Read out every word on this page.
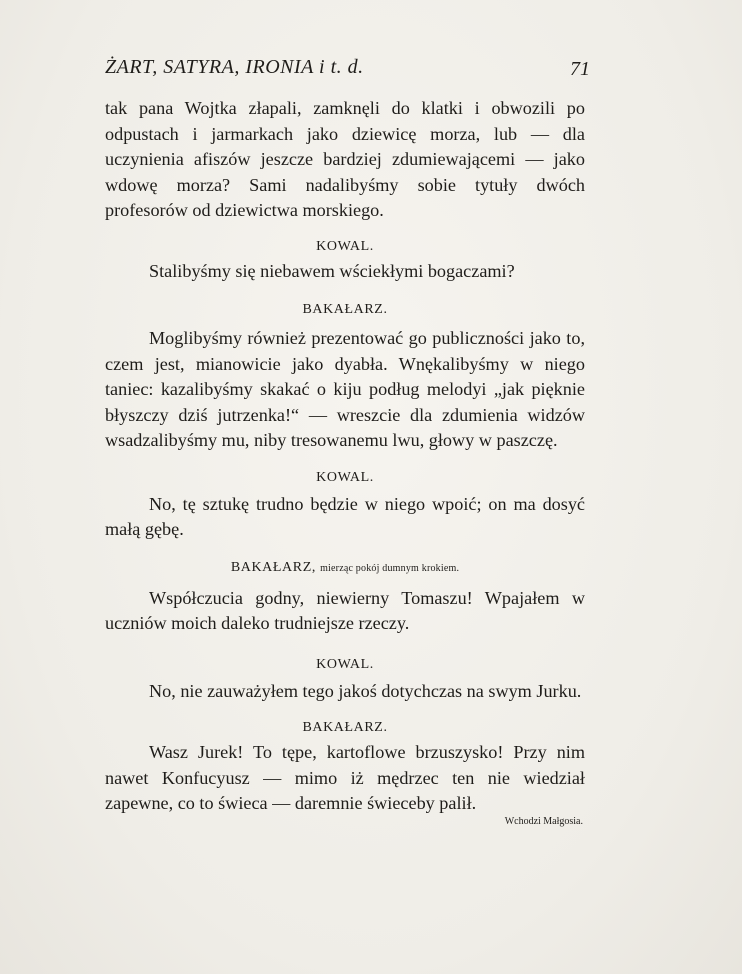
ŻART, SATYRA, IRONIA i t. d.	71

tak pana Wojtka złapali, zamknęli do klatki i obwozili po odpustach i jarmarkach jako dziewicę morza, lub — dla uczynienia afiszów jeszcze bardziej zdumiewającemi — jako wdowę morza? Sami nadalibyśmy sobie tytuły dwóch profesorów od dziewictwa morskiego.

KOWAL.

Stalibyśmy się niebawem wściekłymi bogaczami?

BAKAŁARZ.

Moglibyśmy również prezentować go publiczności jako to, czem jest, mianowicie jako dyabła. Wnękalibyśmy w niego taniec: kazalibyśmy skakać o kiju podług melodyi „jak pięknie błyszczy dziś jutrzenka!“ — wreszcie dla zdumienia widzów wsadzalibyśmy mu, niby tresowanemu lwu, głowy w paszczę.

KOWAL.

No, tę sztukę trudno będzie w niego wpoić; on ma dosyć małą gębę.

BAKAŁARZ, mierząc pokój dumnym krokiem.

Współczucia godny, niewierny Tomaszu! Wpajałem w uczniów moich daleko trudniejsze rzeczy.

KOWAL.

No, nie zauważyłem tego jakoś dotychczas na swym Jurku.

BAKAŁARZ.

Wasz Jurek! To tępe, kartoflowe brzuszysko! Przy nim nawet Konfucyusz — mimo iż mędrzec ten nie wiedział zapewne, co to świeca — daremnie świeceby palił.

Wchodzi Małgosia.
